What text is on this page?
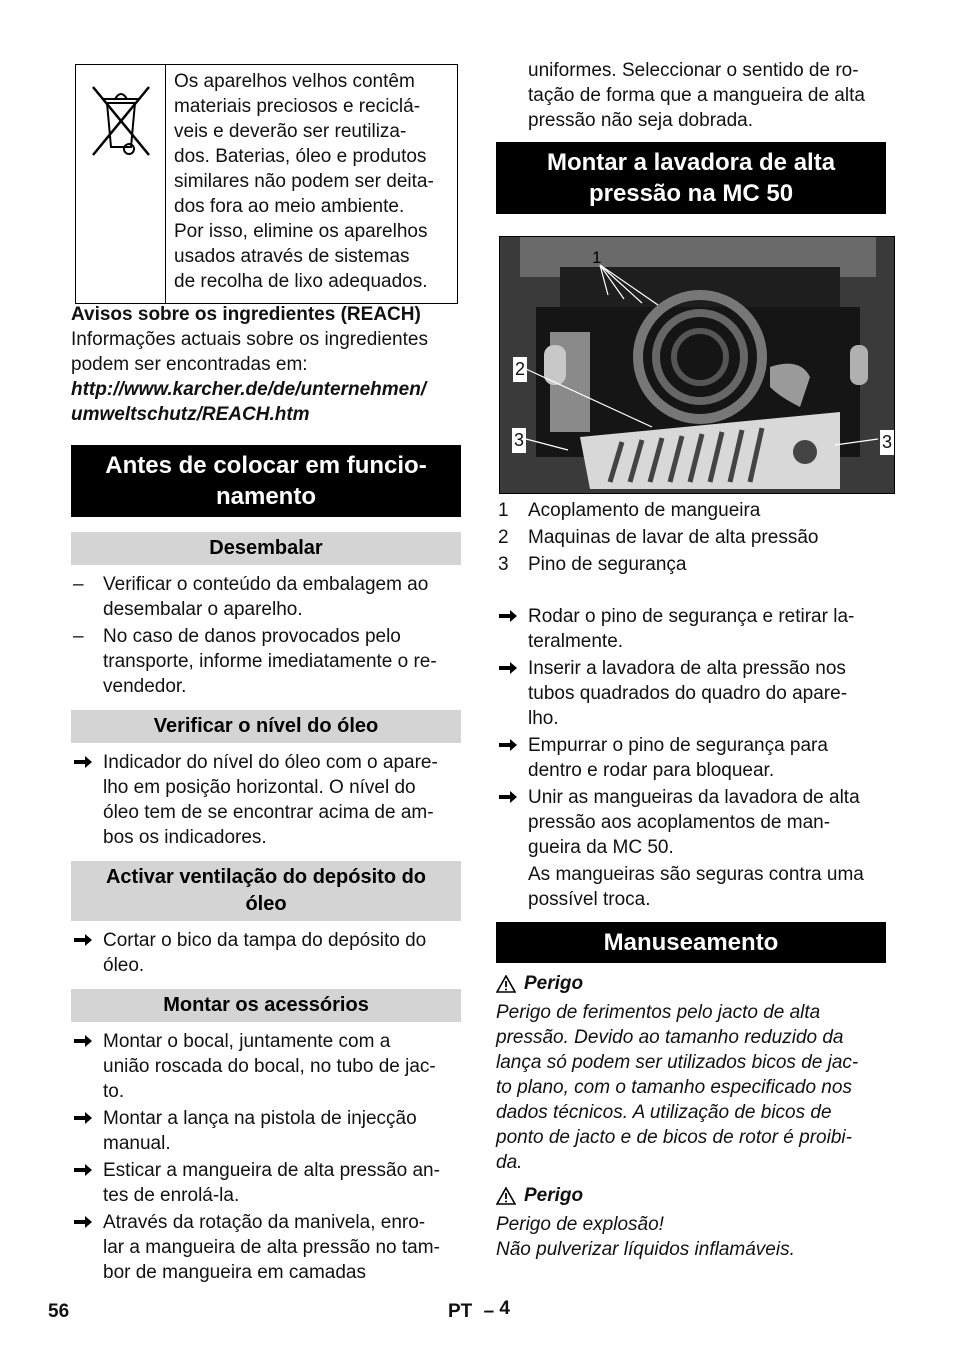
Os aparelhos velhos contêm
materiais preciosos e reciclá-
veis e deverão ser reutiliza-
dos. Baterias, óleo e produtos
similares não podem ser deita-
dos fora ao meio ambiente.
Por isso, elimine os aparelhos
usados através de sistemas
de recolha de lixo adequados.

Avisos sobre os ingredientes (REACH)

Informações actuais sobre os ingredientes
podem ser encontradas em:
http://www.karcher.de/de/unternehmen/
umweltschutz/REACH.htm
Antes de colocar em funcio-
namento
Desembalar
–	Verificar o conteúdo da embalagem ao
desembalar o aparelho.
–	No caso de danos provocados pelo
transporte, informe imediatamente o re-
vendedor.
Verificar o nível do óleo
Indicador do nível do óleo com o apare-
lho em posição horizontal. O nível do
óleo tem de se encontrar acima de am-
bos os indicadores.
Activar ventilação do depósito do
óleo
Cortar o bico da tampa do depósito do
óleo.
Montar os acessórios
Montar o bocal, juntamente com a
união roscada do bocal, no tubo de jac-
to.
Montar a lança na pistola de injecção
manual.
Esticar a mangueira de alta pressão an-
tes de enrolá-la.
Através da rotação da manivela, enro-
lar a mangueira de alta pressão no tam-
bor de mangueira em camadas
uniformes. Seleccionar o sentido de ro-
tação de forma que a mangueira de alta
pressão não seja dobrada.
Montar a lavadora de alta
pressão na MC 50
1
2
3	3
1 Acoplamento de mangueira
2 Maquinas de lavar de alta pressão
3 Pino de segurança
Rodar o pino de segurança e retirar la-
teralmente.
Inserir a lavadora de alta pressão nos
tubos quadrados do quadro do apare-
lho.
Empurrar o pino de segurança para
dentro e rodar para bloquear.
Unir as mangueiras da lavadora de alta
pressão aos acoplamentos de man-
gueira da MC 50.
As mangueiras são seguras contra uma
possível troca.
Manuseamento
Perigo
Perigo de ferimentos pelo jacto de alta
pressão. Devido ao tamanho reduzido da
lança só podem ser utilizados bicos de jac-
to plano, com o tamanho especificado nos
dados técnicos. A utilização de bicos de
ponto de jacto e de bicos de rotor é proibi-
da.
Perigo
Perigo de explosão!
Não pulverizar líquidos inflamáveis.
56	PT – 4
